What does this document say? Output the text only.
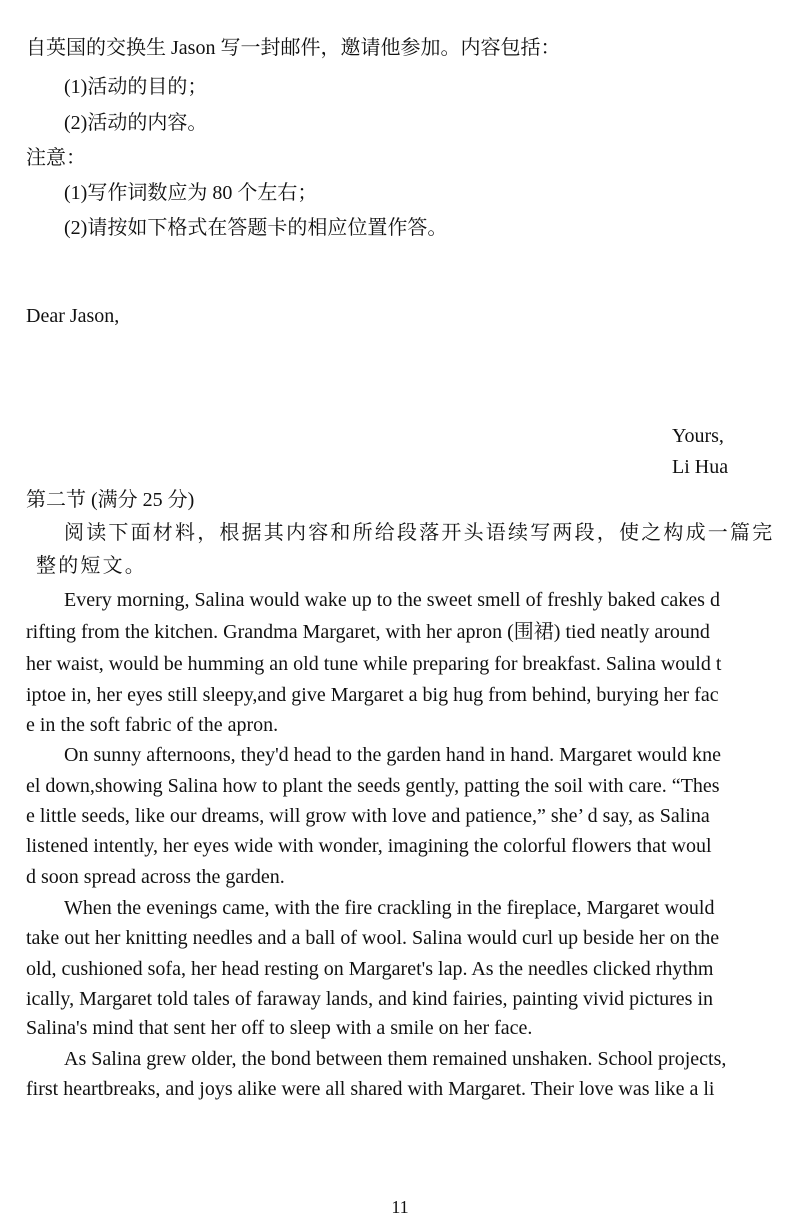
自英国的交换生 Jason 写一封邮件，邀请他参加。内容包括：
(1)活动的目的；
(2)活动的内容。
注意：
(1)写作词数应为 80 个左右；
(2)请按如下格式在答题卡的相应位置作答。
Dear Jason,
Yours,
Li Hua
第二节 (满分 25 分)
阅读下面材料，根据其内容和所给段落开头语续写两段，使之构成一篇完
整的短文。
Every morning, Salina would wake up to the sweet smell of freshly baked cakes d
rifting from the kitchen. Grandma Margaret, with her apron (围裙) tied neatly around
her waist, would be humming an old tune while preparing for breakfast. Salina would t
iptoe in, her eyes still sleepy,and give Margaret a big hug from behind, burying her fac
e in the soft fabric of the apron.
On sunny afternoons, they'd head to the garden hand in hand. Margaret would kne
el down,showing Salina how to plant the seeds gently, patting the soil with care. “Thes
e little seeds, like our dreams, will grow with love and patience,” she’ d say, as Salina
listened intently, her eyes wide with wonder, imagining the colorful flowers that woul
d soon spread across the garden.
When the evenings came, with the fire crackling in the fireplace, Margaret would
take out her knitting needles and a ball of wool. Salina would curl up beside her on the
old, cushioned sofa, her head resting on Margaret's lap. As the needles clicked rhythm
ically, Margaret told tales of faraway lands, and kind fairies, painting vivid pictures in
Salina's mind that sent her off to sleep with a smile on her face.
As Salina grew older, the bond between them remained unshaken. School projects,
first heartbreaks, and joys alike were all shared with Margaret. Their love was like a li
11
